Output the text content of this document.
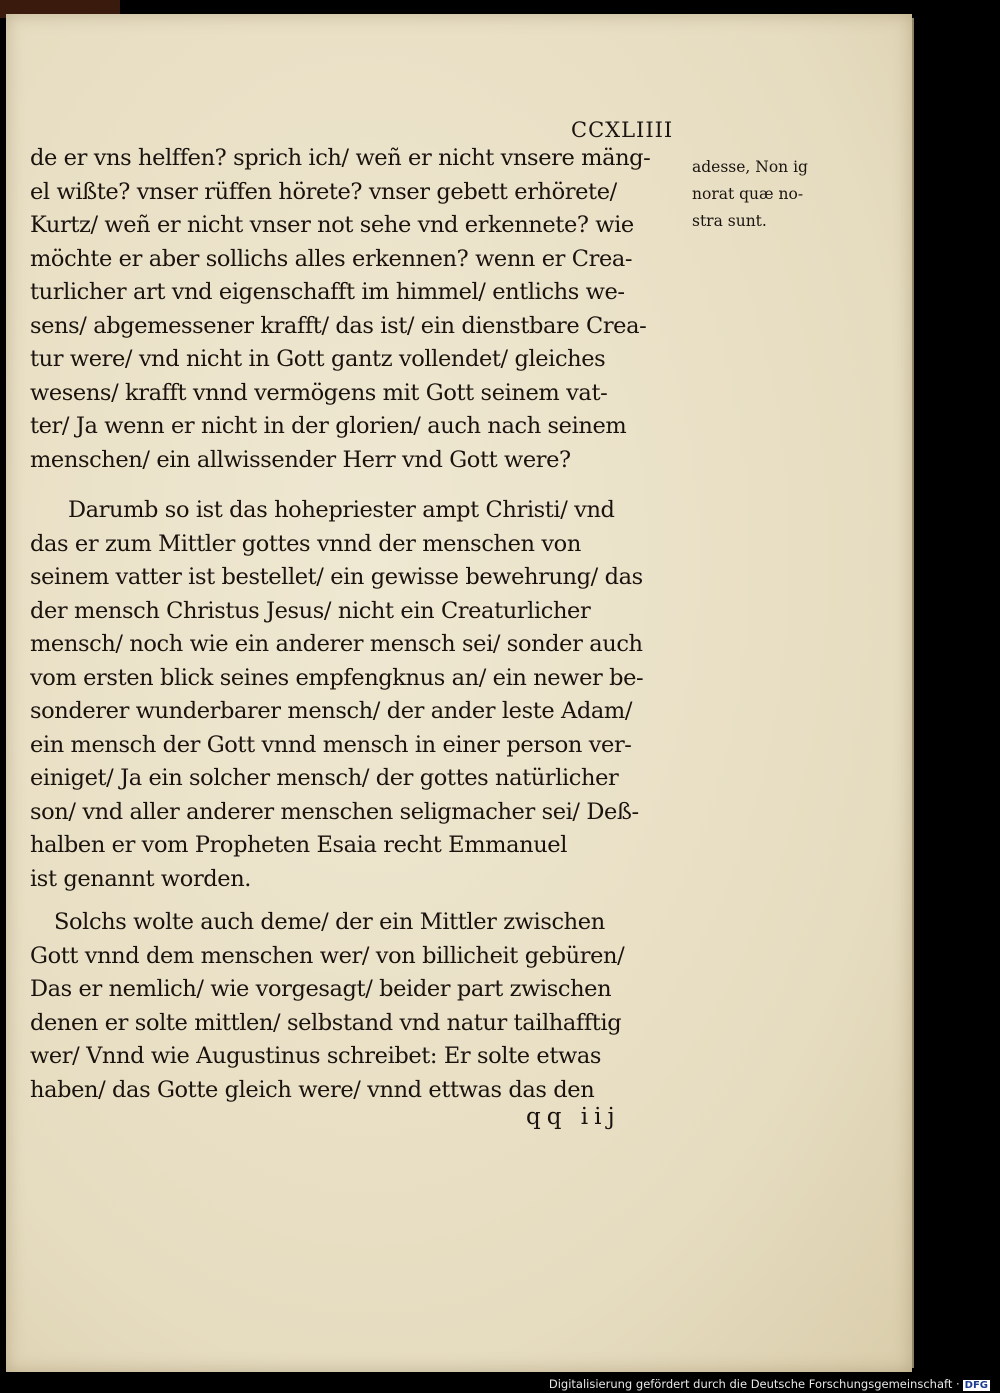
CCXLIIII
de er vns helffen? sprich ich/ weñ er nicht vnsere mäng‑
el wißte? vnser rüffen hörete? vnser gebett erhörete/
Kurtz/ weñ er nicht vnser not sehe vnd erkennete? wie
möchte er aber sollichs alles erkennen? wenn er Crea‑
turlicher art vnd eigenschafft im himmel/ entlichs we‑
sens/ abgemessener krafft/ das ist/ ein dienstbare Crea‑
tur were/ vnd nicht in Gott gantz vollendet/ gleiches
wesens/ krafft vnnd vermögens mit Gott seinem vat‑
ter/ Ja wenn er nicht in der glorien/ auch nach seinem
menschen/ ein allwissender Herr vnd Gott were?
Darumb so ist das hohepriester ampt Christi/ vnd
das er zum Mittler gottes vnnd der menschen von
seinem vatter ist bestellet/ ein gewisse bewehrung/ das
der mensch Christus Jesus/ nicht ein Creaturlicher
mensch/ noch wie ein anderer mensch sei/ sonder auch
vom ersten blick seines empfengknus an/ ein newer be‑
sonderer wunderbarer mensch/ der ander leste Adam/
ein mensch der Gott vnnd mensch in einer person ver‑
einiget/ Ja ein solcher mensch/ der gottes natürlicher
son/ vnd aller anderer menschen seligmacher sei/ Deß‑
halben er vom Propheten Esaia recht Emmanuel
ist genannt worden.
Solchs wolte auch deme/ der ein Mittler zwischen
Gott vnnd dem menschen wer/ von billicheit gebüren/
Das er nemlich/ wie vorgesagt/ beider part zwischen
denen er solte mittlen/ selbstand vnd natur tailhafftig
wer/ Vnnd wie Augustinus schreibet: Er solte etwas
haben/ das Gotte gleich were/ vnnd ettwas das den
adesse, Non ig
norat quæ no‑
stra sunt.
qq iij
Digitalisierung gefördert durch die Deutsche Forschungsgemeinschaft · DFG
